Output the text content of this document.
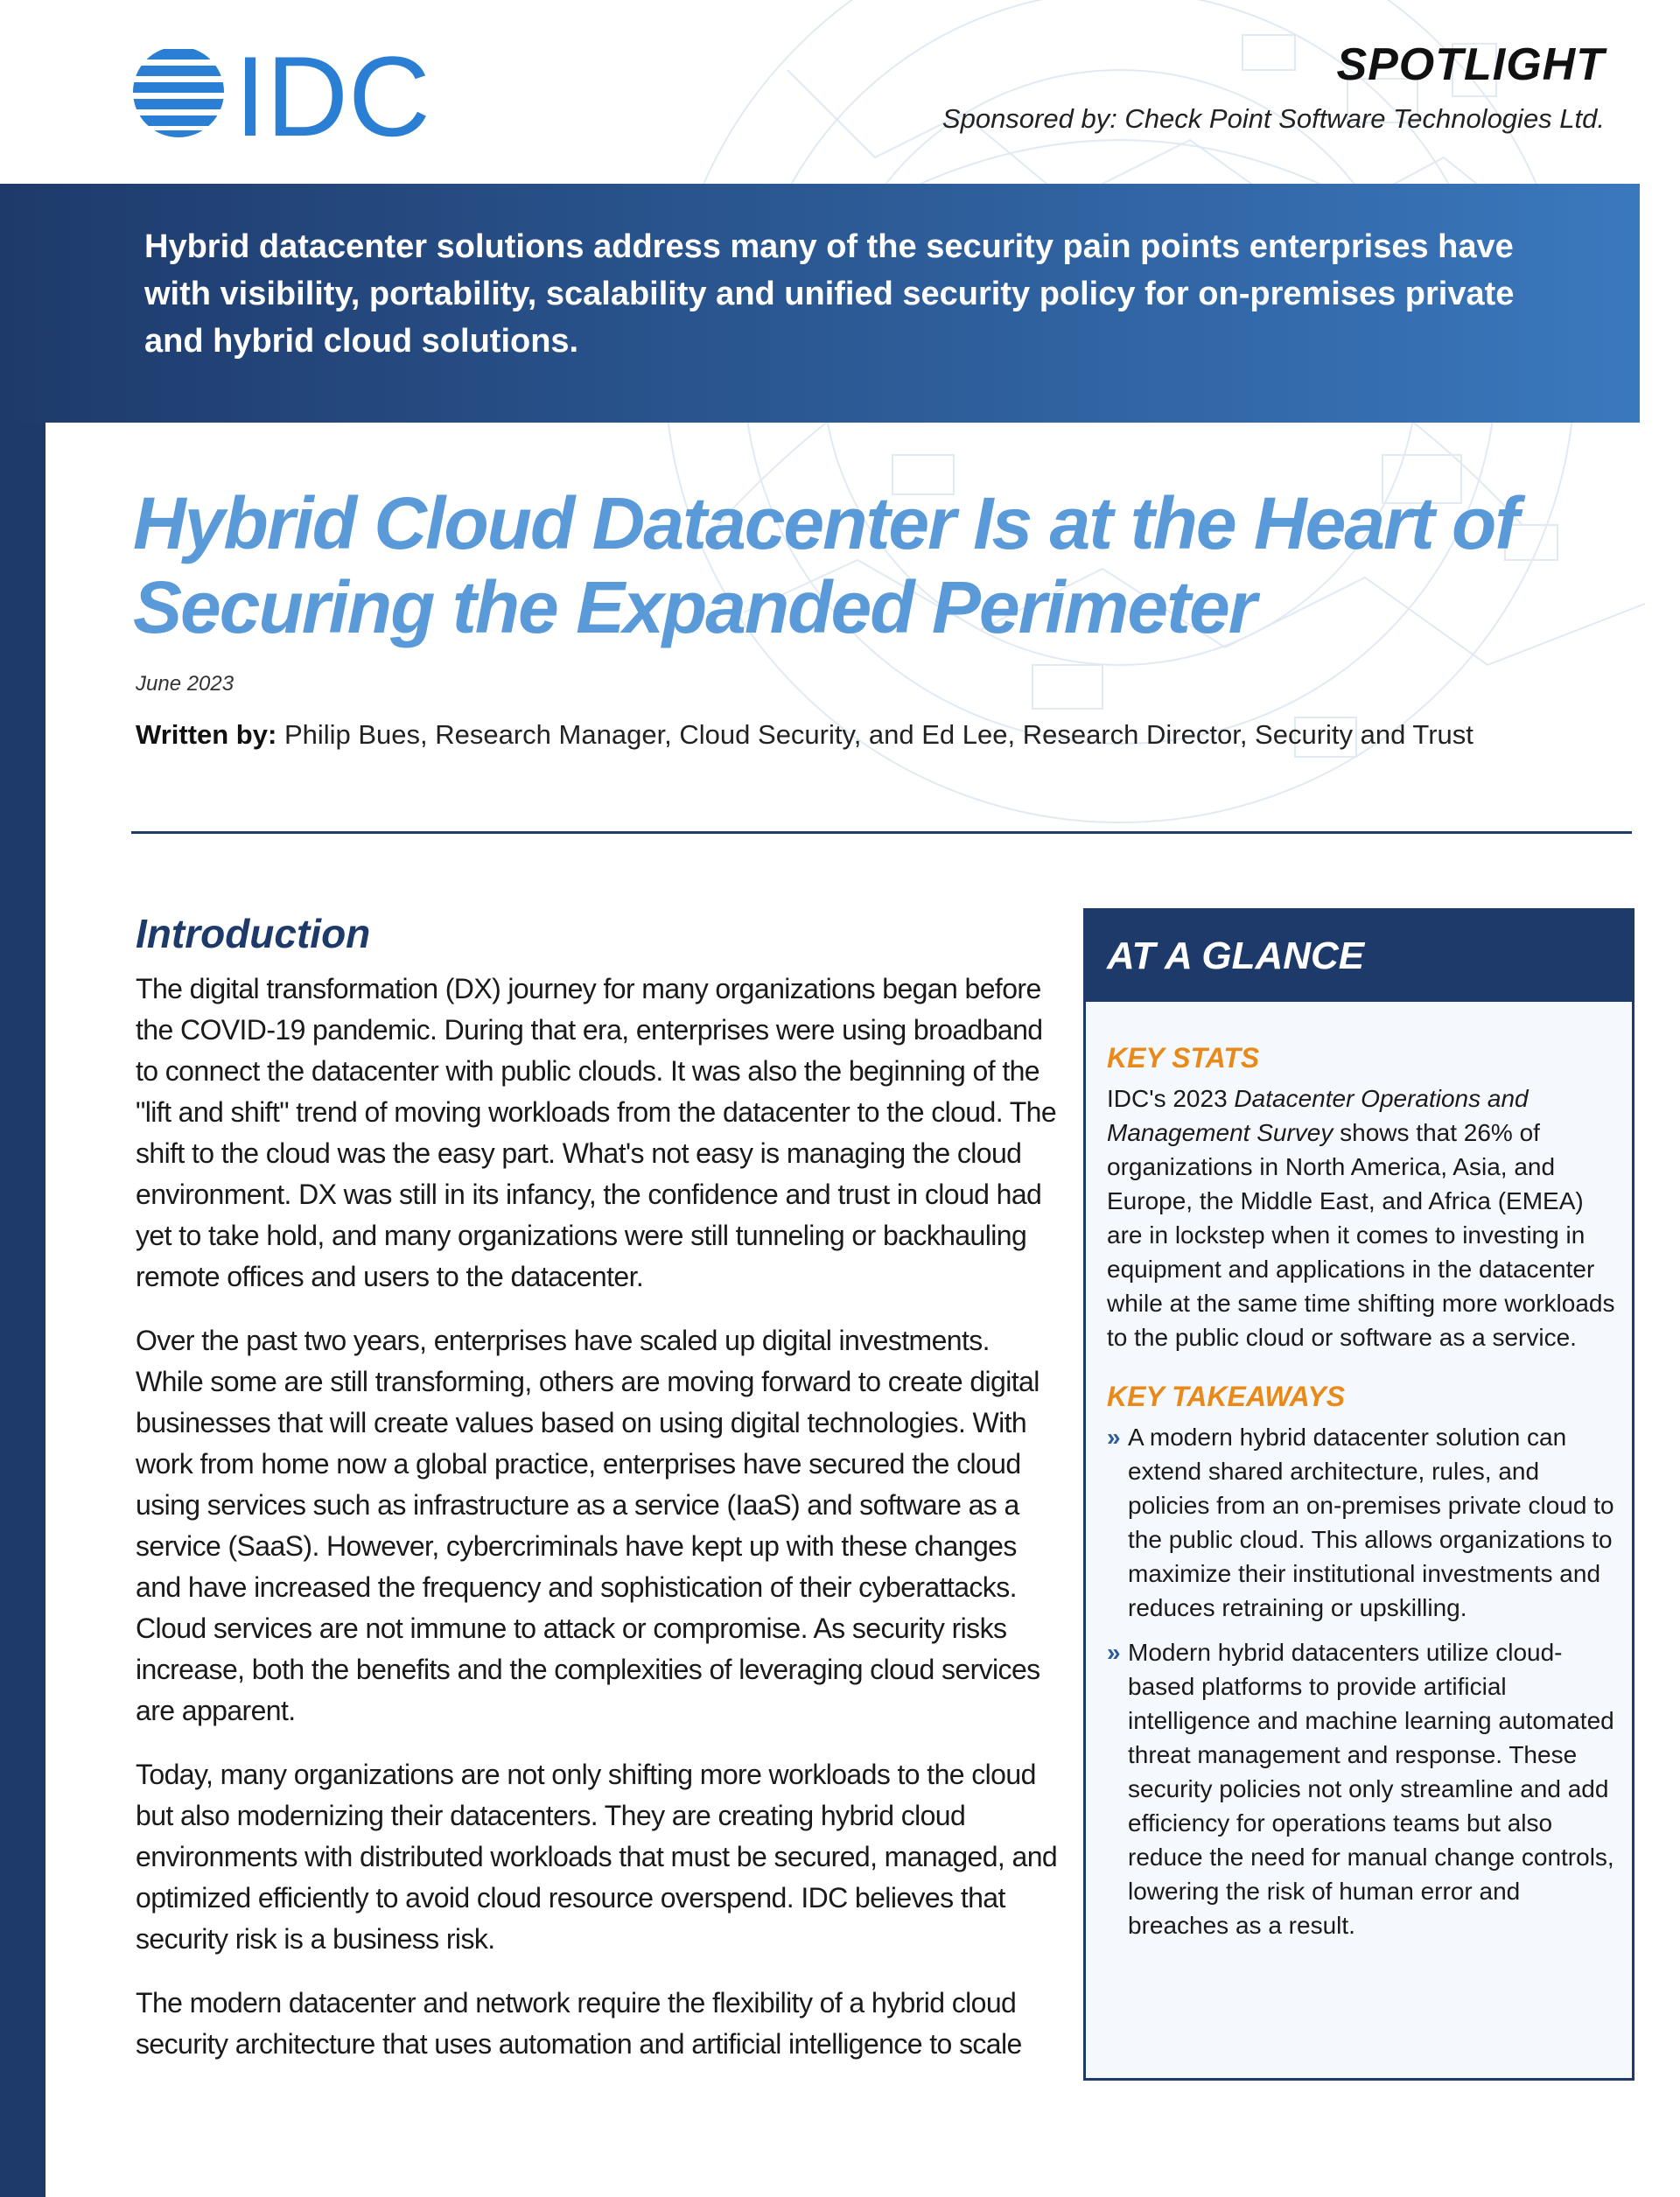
Hybrid datacenter solutions address many of the security pain points enterprises have with visibility, portability, scalability and unified security policy for on-premises private and hybrid cloud solutions.
IDC	SPOTLIGHT
Sponsored by: Check Point Software Technologies Ltd.
Hybrid Cloud Datacenter Is at the Heart of
Securing the Expanded Perimeter
June 2023
Written by: Philip Bues, Research Manager, Cloud Security, and Ed Lee, Research Director, Security and Trust
Introduction

The digital transformation (DX) journey for many organizations began before the COVID-19 pandemic. During that era, enterprises were using broadband to connect the datacenter with public clouds. It was also the beginning of the "lift and shift" trend of moving workloads from the datacenter to the cloud. The shift to the cloud was the easy part. What's not easy is managing the cloud environment. DX was still in its infancy, the confidence and trust in cloud had yet to take hold, and many organizations were still tunneling or backhauling remote offices and users to the datacenter.

Over the past two years, enterprises have scaled up digital investments. While some are still transforming, others are moving forward to create digital businesses that will create values based on using digital technologies. With work from home now a global practice, enterprises have secured the cloud using services such as infrastructure as a service (IaaS) and software as a service (SaaS). However, cybercriminals have kept up with these changes and have increased the frequency and sophistication of their cyberattacks. Cloud services are not immune to attack or compromise. As security risks increase, both the benefits and the complexities of leveraging cloud services are apparent.

Today, many organizations are not only shifting more workloads to the cloud but also modernizing their datacenters. They are creating hybrid cloud environments with distributed workloads that must be secured, managed, and optimized efficiently to avoid cloud resource overspend. IDC believes that security risk is a business risk.

The modern datacenter and network require the flexibility of a hybrid cloud security architecture that uses automation and artificial intelligence to scale

AT A GLANCE
KEY STATS
IDC's 2023 Datacenter Operations and Management Survey shows that 26% of organizations in North America, Asia, and Europe, the Middle East, and Africa (EMEA) are in lockstep when it comes to investing in equipment and applications in the datacenter while at the same time shifting more workloads to the public cloud or software as a service.
KEY TAKEAWAYS
» A modern hybrid datacenter solution can extend shared architecture, rules, and policies from an on-premises private cloud to the public cloud. This allows organizations to maximize their institutional investments and reduces retraining or upskilling.
» Modern hybrid datacenters utilize cloud-based platforms to provide artificial intelligence and machine learning automated threat management and response. These security policies not only streamline and add efficiency for operations teams but also reduce the need for manual change controls, lowering the risk of human error and breaches as a result.
